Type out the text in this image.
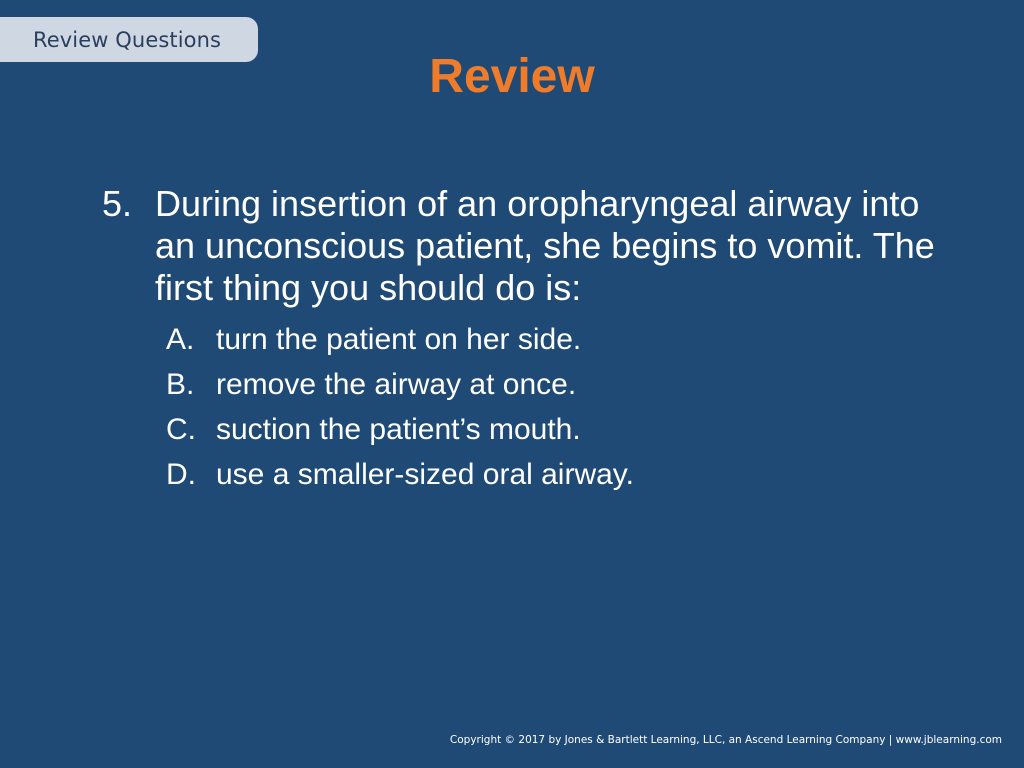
Review Questions
Review
5. During insertion of an oropharyngeal airway into an unconscious patient, she begins to vomit. The first thing you should do is:
A. turn the patient on her side.
B. remove the airway at once.
C. suction the patient’s mouth.
D. use a smaller-sized oral airway.
Copyright © 2017 by Jones & Bartlett Learning, LLC, an Ascend Learning Company | www.jblearning.com
